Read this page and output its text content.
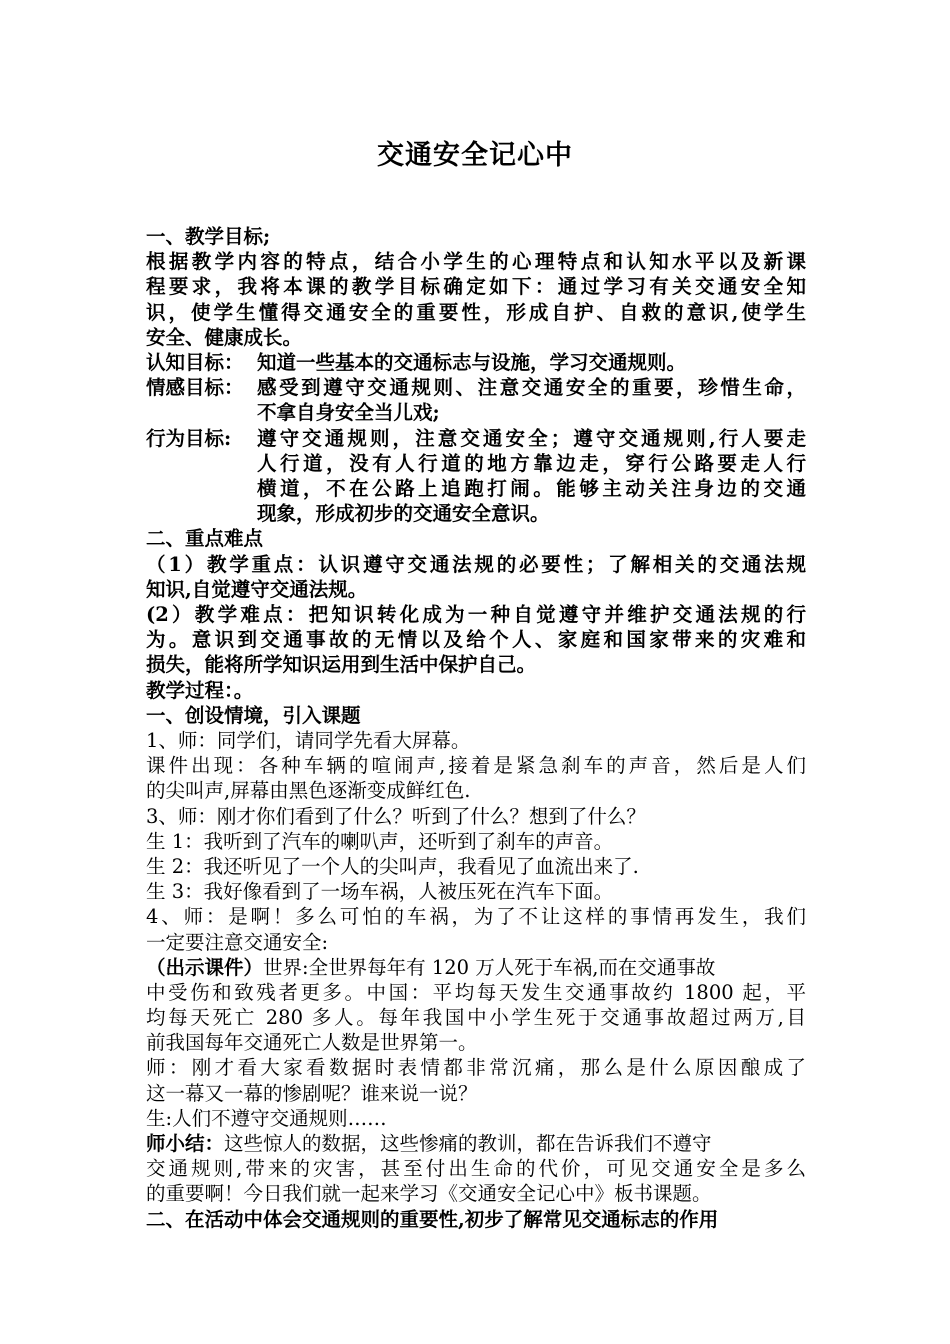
交通安全记心中
一、教学目标;
根据教学内容的特点，结合小学生的心理特点和认知水平以及新课
程要求，我将本课的教学目标确定如下：通过学习有关交通安全知
识，使学生懂得交通安全的重要性，形成自护、自救的意识,使学生
安全、健康成长。
认知目标： 知道一些基本的交通标志与设施，学习交通规则。
情感目标： 感受到遵守交通规则、注意交通安全的重要，珍惜生命，
不拿自身安全当儿戏;
行为目标:	遵守交通规则，注意交通安全；遵守交通规则,行人要走
人行道，没有人行道的地方靠边走，穿行公路要走人行
横道，不在公路上追跑打闹。能够主动关注身边的交通
现象，形成初步的交通安全意识。
二、重点难点
（1）教学重点：认识遵守交通法规的必要性；了解相关的交通法规
知识,自觉遵守交通法规。
(2）教学难点：把知识转化成为一种自觉遵守并维护交通法规的行
为。意识到交通事故的无情以及给个人、家庭和国家带来的灾难和
损失，能将所学知识运用到生活中保护自己。
教学过程：。
一、创设情境，引入课题
1、师：同学们，请同学先看大屏幕。
课件出现：各种车辆的喧闹声,接着是紧急刹车的声音，然后是人们
的尖叫声,屏幕由黑色逐渐变成鲜红色.
3、师：刚才你们看到了什么？听到了什么？想到了什么？
生 1：我听到了汽车的喇叭声，还听到了刹车的声音。
生 2：我还听见了一个人的尖叫声，我看见了血流出来了.
生 3：我好像看到了一场车祸，人被压死在汽车下面。
4、师：是啊！多么可怕的车祸，为了不让这样的事情再发生，我们
一定要注意交通安全:
（出示课件）世界:全世界每年有 120 万人死于车祸,而在交通事故
中受伤和致残者更多。中国：平均每天发生交通事故约 1800 起，平
均每天死亡 280 多人。每年我国中小学生死于交通事故超过两万,目
前我国每年交通死亡人数是世界第一。
师：刚才看大家看数据时表情都非常沉痛，那么是什么原因酿成了
这一幕又一幕的惨剧呢？谁来说一说？
生:人们不遵守交通规则……
师小结：这些惊人的数据，这些惨痛的教训，都在告诉我们不遵守
交通规则,带来的灾害，甚至付出生命的代价，可见交通安全是多么
的重要啊！今日我们就一起来学习《交通安全记心中》板书课题。
二、在活动中体会交通规则的重要性,初步了解常见交通标志的作用
